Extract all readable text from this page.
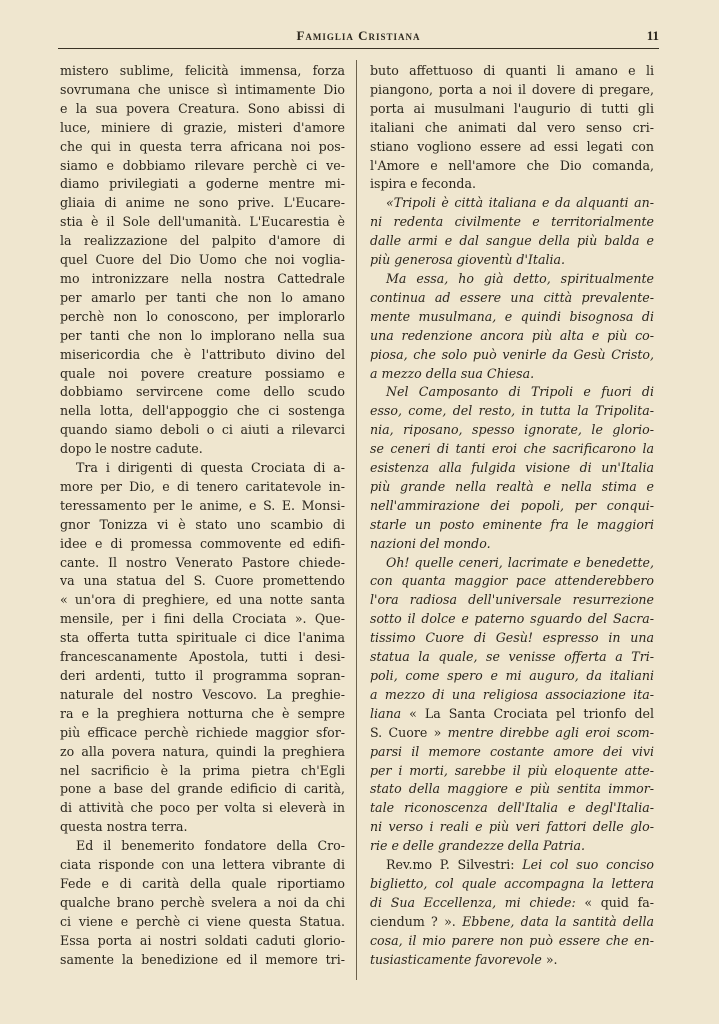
Famiglia Cristiana	11
mistero sublime, felicità immensa, forza
sovrumana che unisce sì intimamente Dio
e la sua povera Creatura. Sono abissi di
luce, miniere di grazie, misteri d'amore
che qui in questa terra africana noi pos-
siamo e dobbiamo rilevare perchè ci ve-
diamo privilegiati a goderne mentre mi-
gliaia di anime ne sono prive. L'Eucare-
stia è il Sole dell'umanità. L'Eucarestia è
la realizzazione del palpito d'amore di
quel Cuore del Dio Uomo che noi voglia-
mo intronizzare nella nostra Cattedrale
per amarlo per tanti che non lo amano
perchè non lo conoscono, per implorarlo
per tanti che non lo implorano nella sua
misericordia che è l'attributo divino del
quale noi povere creature possiamo e
dobbiamo servircene come dello scudo
nella lotta, dell'appoggio che ci sostenga
quando siamo deboli o ci aiuti a rilevarci
dopo le nostre cadute.
Tra i dirigenti di questa Crociata di a-
more per Dio, e di tenero caritatevole in-
teressamento per le anime, e S. E. Monsi-
gnor Tonizza vi è stato uno scambio di
idee e di promessa commovente ed edifi-
cante. Il nostro Venerato Pastore chiede-
va una statua del S. Cuore promettendo
« un'ora di preghiere, ed una notte santa
mensile, per i fini della Crociata ». Que-
sta offerta tutta spirituale ci dice l'anima
francescanamente Apostola, tutti i desi-
deri ardenti, tutto il programma sopran-
naturale del nostro Vescovo. La preghie-
ra e la preghiera notturna che è sempre
più efficace perchè richiede maggior sfor-
zo alla povera natura, quindi la preghiera
nel sacrificio è la prima pietra ch'Egli
pone a base del grande edificio di carità,
di attività che poco per volta si eleverà in
questa nostra terra.
Ed il benemerito fondatore della Cro-
ciata risponde con una lettera vibrante di
Fede e di carità della quale riportiamo
qualche brano perchè svelera a noi da chi
ci viene e perchè ci viene questa Statua.
Essa porta ai nostri soldati caduti glorio-
samente la benedizione ed il memore tri-
buto affettuoso di quanti li amano e li
piangono, porta a noi il dovere di pregare,
porta ai musulmani l'augurio di tutti gli
italiani che animati dal vero senso cri-
stiano vogliono essere ad essi legati con
l'Amore e nell'amore che Dio comanda,
ispira e feconda.
«Tripoli è città italiana e da alquanti an-
ni redenta civilmente e territorialmente
dalle armi e dal sangue della più balda e
più generosa gioventù d'Italia.
Ma essa, ho già detto, spiritualmente
continua ad essere una città prevalente-
mente musulmana, e quindi bisognosa di
una redenzione ancora più alta e più co-
piosa, che solo può venirle da Gesù Cristo,
a mezzo della sua Chiesa.
Nel Camposanto di Tripoli e fuori di
esso, come, del resto, in tutta la Tripolita-
nia, riposano, spesso ignorate, le glorio-
se ceneri di tanti eroi che sacrificarono la
esistenza alla fulgida visione di un'Italia
più grande nella realtà e nella stima e
nell'ammirazione dei popoli, per conqui-
starle un posto eminente fra le maggiori
nazioni del mondo.
Oh! quelle ceneri, lacrimate e benedette,
con quanta maggior pace attenderebbero
l'ora radiosa dell'universale resurrezione
sotto il dolce e paterno sguardo del Sacra-
tissimo Cuore di Gesù! espresso in una
statua la quale, se venisse offerta a Tri-
poli, come spero e mi auguro, da italiani
a mezzo di una religiosa associazione ita-
liana « La Santa Crociata pel trionfo del
S. Cuore » mentre direbbe agli eroi scom-
parsi il memore costante amore dei vivi
per i morti, sarebbe il più eloquente atte-
stato della maggiore e più sentita immor-
tale riconoscenza dell'Italia e degl'Italia-
ni verso i reali e più veri fattori delle glo-
rie e delle grandezze della Patria.
Rev.mo P. Silvestri: Lei col suo conciso
biglietto, col quale accompagna la lettera
di Sua Eccellenza, mi chiede: « quid fa-
ciendum ? ». Ebbene, data la santità della
cosa, il mio parere non può essere che en-
tusiasticamente favorevole ».
